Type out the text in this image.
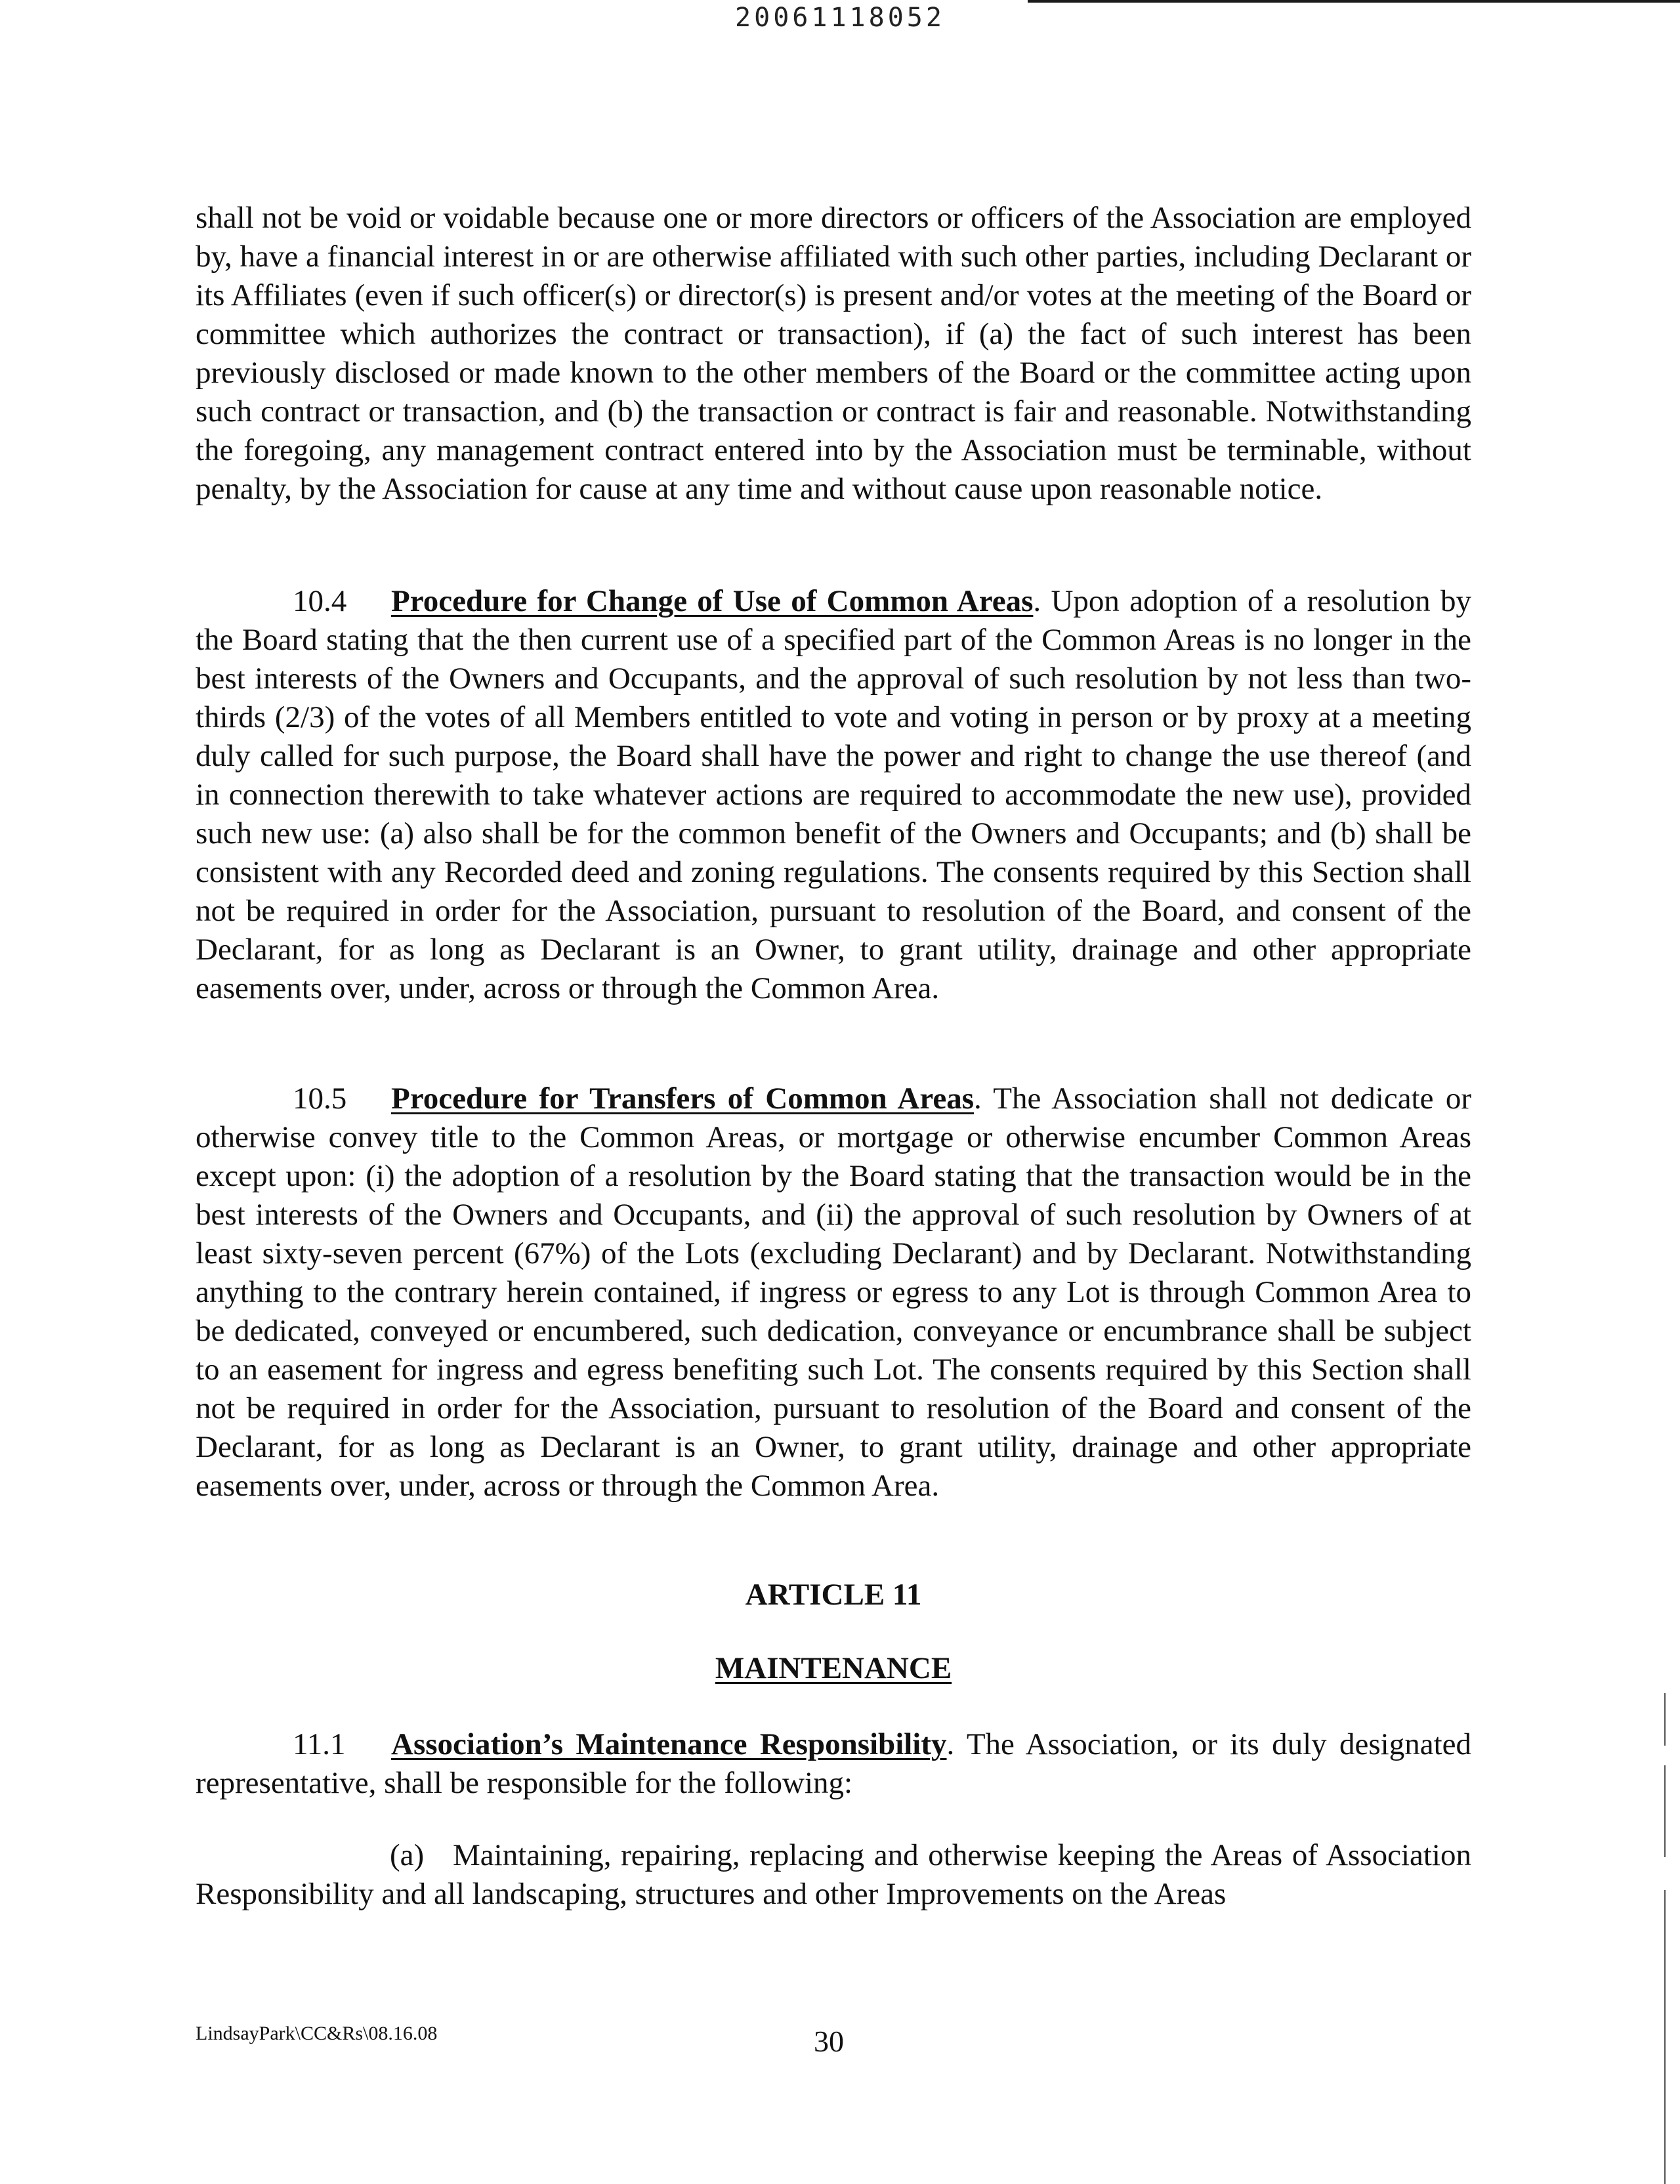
20061118052

shall not be void or voidable because one or more directors or officers of the Association are employed by, have a financial interest in or are otherwise affiliated with such other parties, including Declarant or its Affiliates (even if such officer(s) or director(s) is present and/or votes at the meeting of the Board or committee which authorizes the contract or transaction), if (a) the fact of such interest has been previously disclosed or made known to the other members of the Board or the committee acting upon such contract or transaction, and (b) the transaction or contract is fair and reasonable. Notwithstanding the foregoing, any management contract entered into by the Association must be terminable, without penalty, by the Association for cause at any time and without cause upon reasonable notice.

10.4 Procedure for Change of Use of Common Areas. Upon adoption of a resolution by the Board stating that the then current use of a specified part of the Common Areas is no longer in the best interests of the Owners and Occupants, and the approval of such resolution by not less than two-thirds (2/3) of the votes of all Members entitled to vote and voting in person or by proxy at a meeting duly called for such purpose, the Board shall have the power and right to change the use thereof (and in connection therewith to take whatever actions are required to accommodate the new use), provided such new use: (a) also shall be for the common benefit of the Owners and Occupants; and (b) shall be consistent with any Recorded deed and zoning regulations. The consents required by this Section shall not be required in order for the Association, pursuant to resolution of the Board, and consent of the Declarant, for as long as Declarant is an Owner, to grant utility, drainage and other appropriate easements over, under, across or through the Common Area.

10.5 Procedure for Transfers of Common Areas. The Association shall not dedicate or otherwise convey title to the Common Areas, or mortgage or otherwise encumber Common Areas except upon: (i) the adoption of a resolution by the Board stating that the transaction would be in the best interests of the Owners and Occupants, and (ii) the approval of such resolution by Owners of at least sixty-seven percent (67%) of the Lots (excluding Declarant) and by Declarant. Notwithstanding anything to the contrary herein contained, if ingress or egress to any Lot is through Common Area to be dedicated, conveyed or encumbered, such dedication, conveyance or encumbrance shall be subject to an easement for ingress and egress benefiting such Lot. The consents required by this Section shall not be required in order for the Association, pursuant to resolution of the Board and consent of the Declarant, for as long as Declarant is an Owner, to grant utility, drainage and other appropriate easements over, under, across or through the Common Area.

ARTICLE 11

MAINTENANCE

11.1 Association’s Maintenance Responsibility. The Association, or its duly designated representative, shall be responsible for the following:

(a) Maintaining, repairing, replacing and otherwise keeping the Areas of Association Responsibility and all landscaping, structures and other Improvements on the Areas

LindsayPark\CC&Rs\08.16.08	30
